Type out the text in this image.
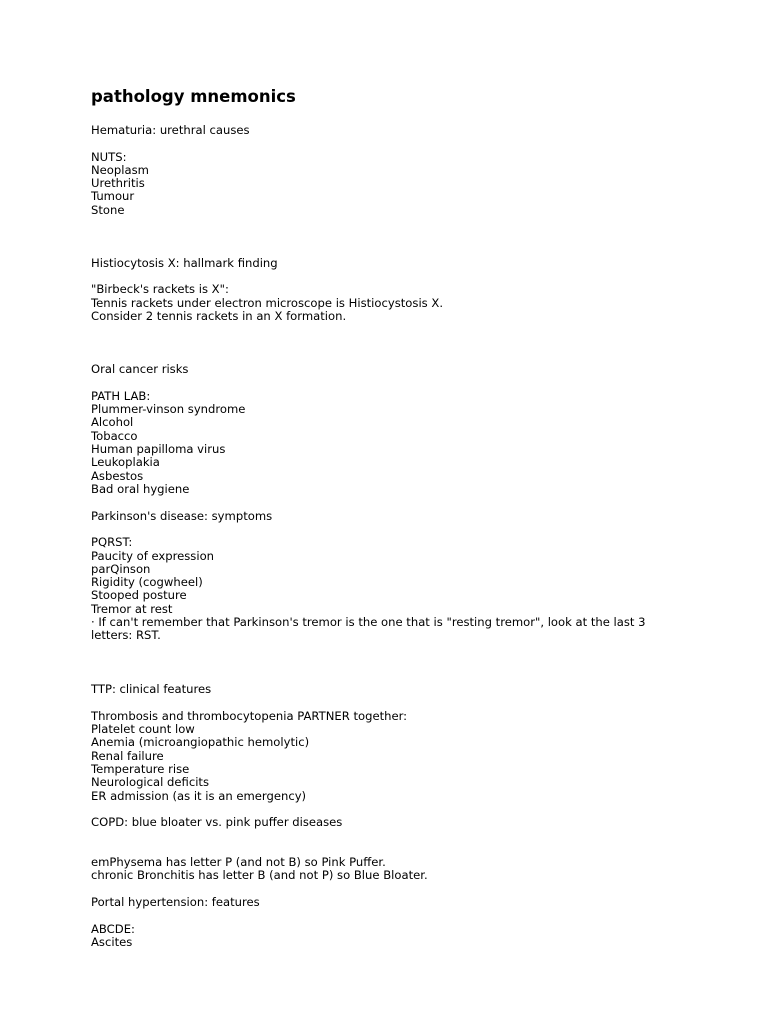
pathology mnemonics
Hematuria: urethral causes
NUTS:
Neoplasm
Urethritis
Tumour
Stone
Histiocytosis X: hallmark finding
"Birbeck's rackets is X":
Tennis rackets under electron microscope is Histiocystosis X.
Consider 2 tennis rackets in an X formation.
Oral cancer risks
PATH LAB:
Plummer-vinson syndrome
Alcohol
Tobacco
Human papilloma virus
Leukoplakia
Asbestos
Bad oral hygiene
Parkinson's disease: symptoms
PQRST:
Paucity of expression
parQinson
Rigidity (cogwheel)
Stooped posture
Tremor at rest
· If can't remember that Parkinson's tremor is the one that is "resting tremor", look at the last 3 letters: RST.
TTP: clinical features
Thrombosis and thrombocytopenia PARTNER together:
Platelet count low
Anemia (microangiopathic hemolytic)
Renal failure
Temperature rise
Neurological deficits
ER admission (as it is an emergency)
COPD: blue bloater vs. pink puffer diseases
emPhysema has letter P (and not B) so Pink Puffer.
chronic Bronchitis has letter B (and not P) so Blue Bloater.
Portal hypertension: features
ABCDE:
Ascites
